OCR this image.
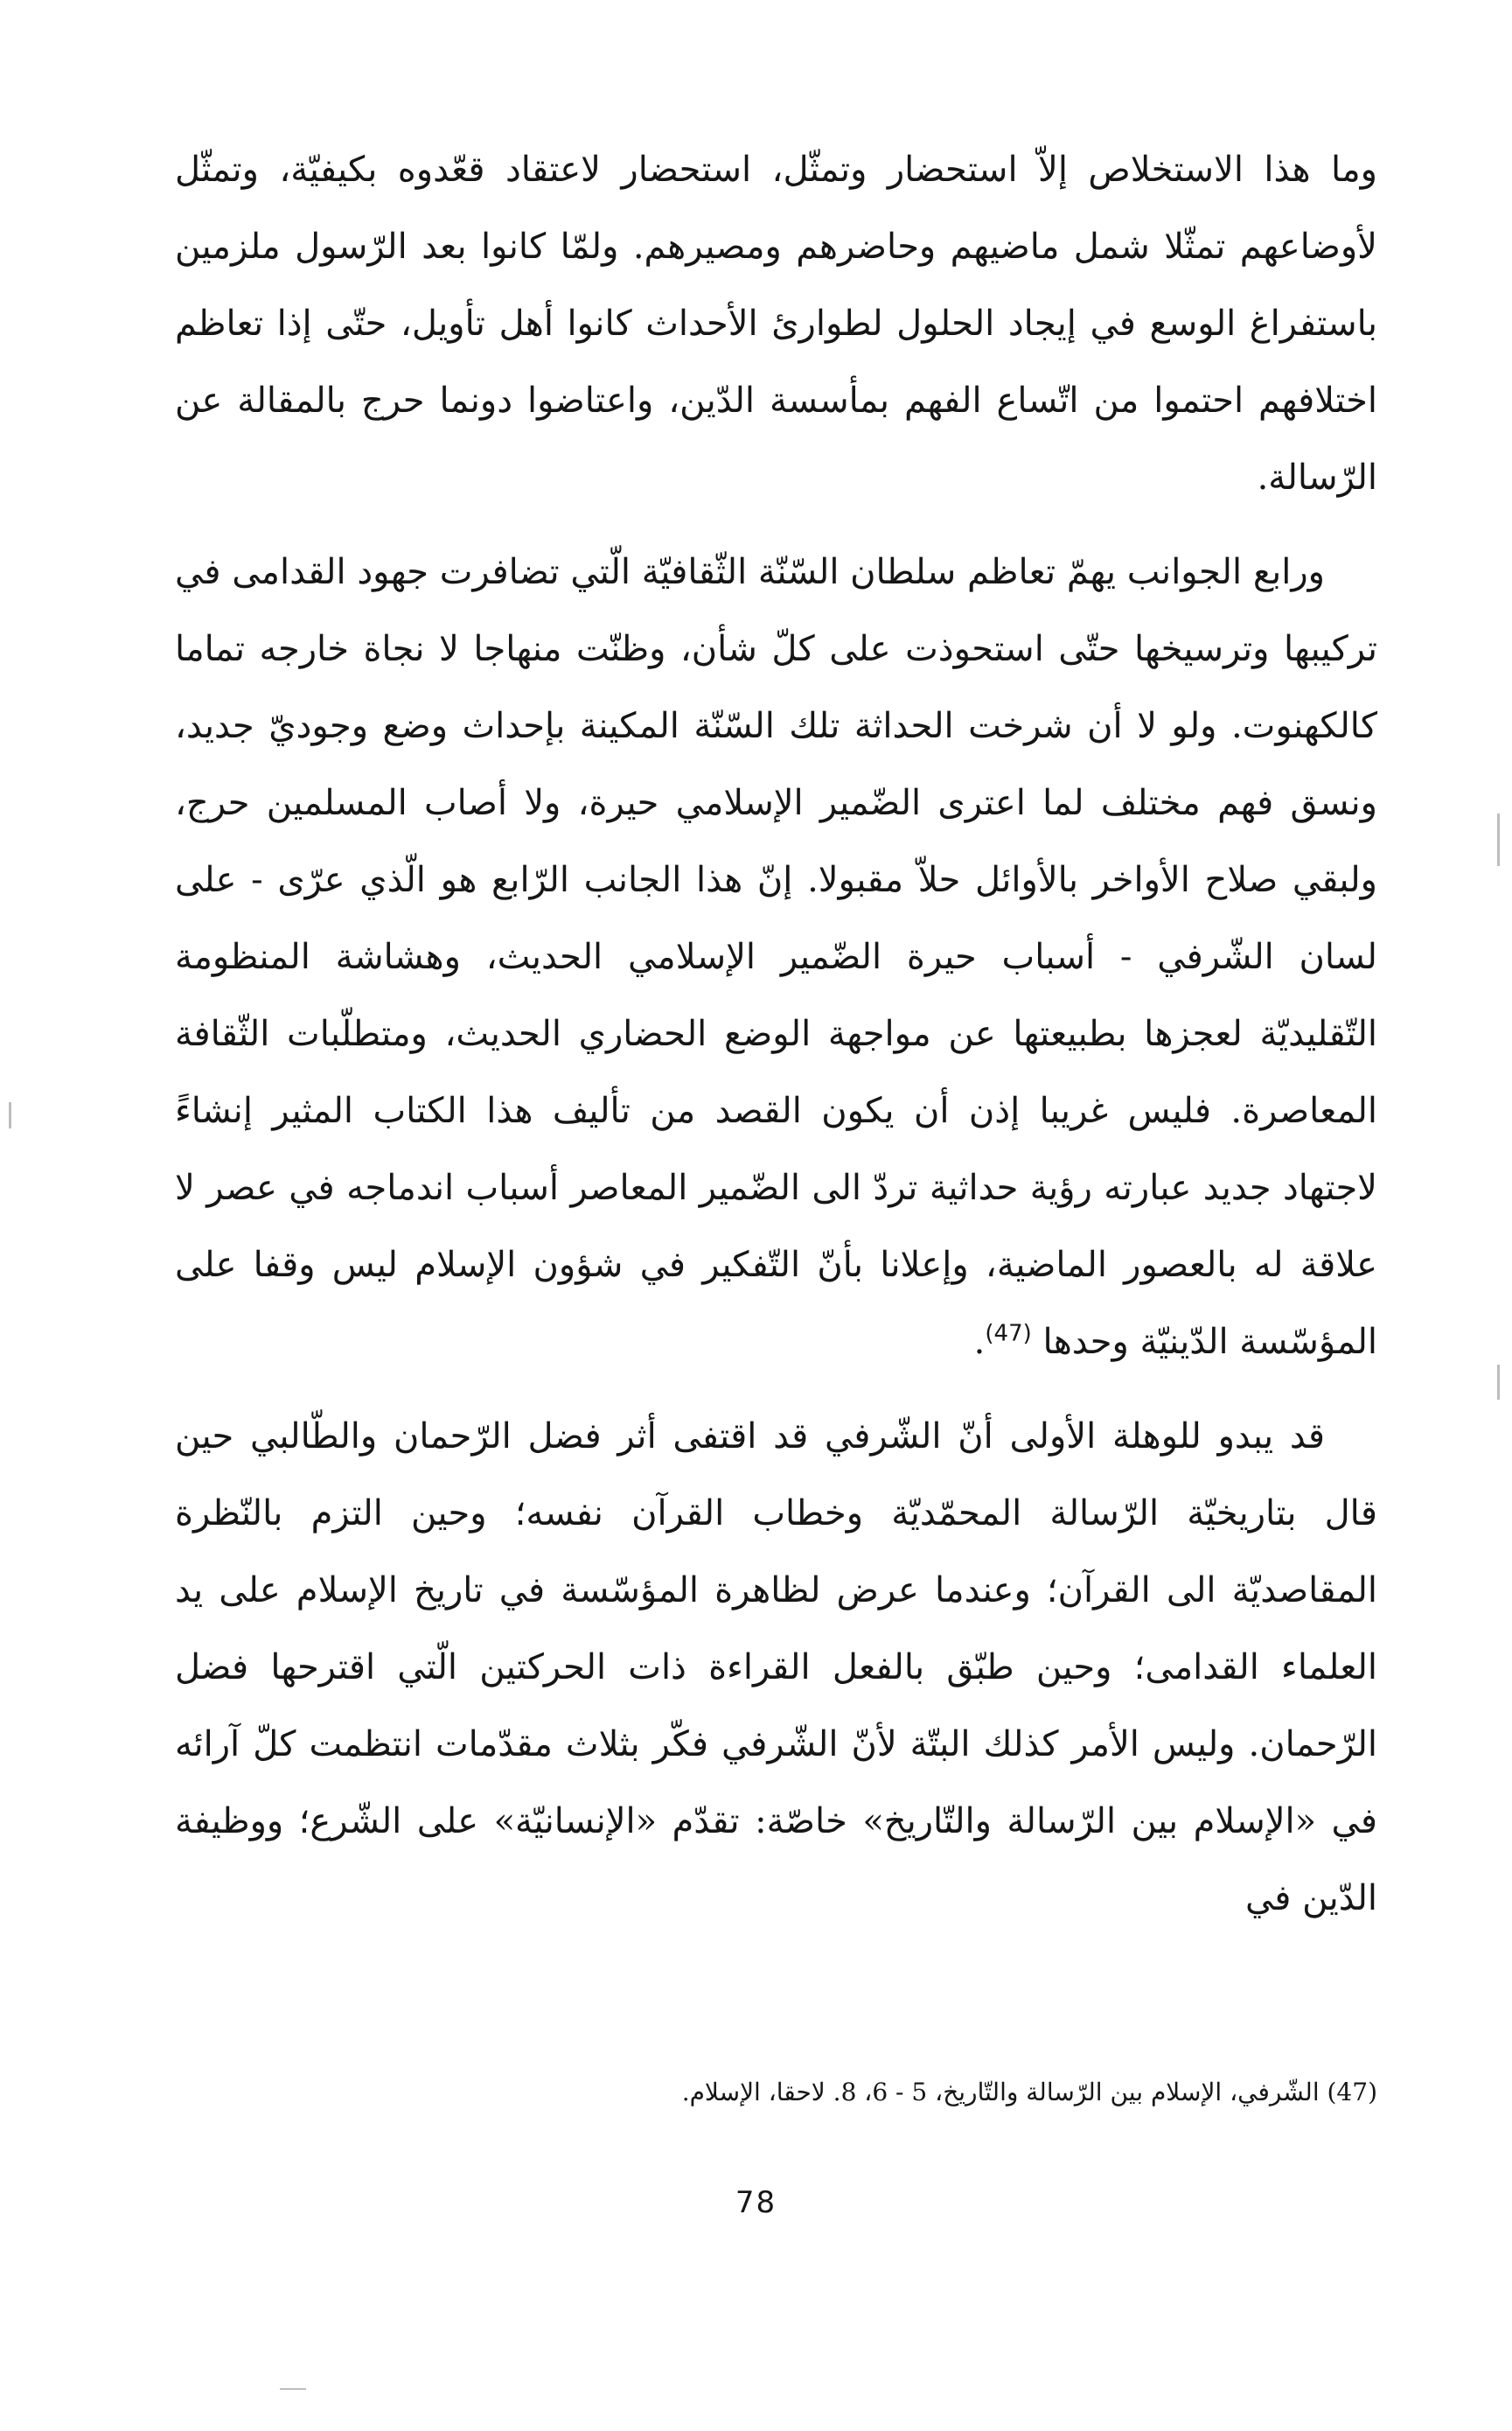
وما هذا الاستخلاص إلاّ استحضار وتمثّل، استحضار لاعتقاد قعّدوه بكيفيّة، وتمثّل لأوضاعهم تمثّلا شمل ماضيهم وحاضرهم ومصيرهم. ولمّا كانوا بعد الرّسول ملزمين باستفراغ الوسع في إيجاد الحلول لطوارئ الأحداث كانوا أهل تأويل، حتّى إذا تعاظم اختلافهم احتموا من اتّساع الفهم بمأسسة الدّين، واعتاضوا دونما حرج بالمقالة عن الرّسالة.

ورابع الجوانب يهمّ تعاظم سلطان السّنّة الثّقافيّة الّتي تضافرت جهود القدامى في تركيبها وترسيخها حتّى استحوذت على كلّ شأن، وظنّت منهاجا لا نجاة خارجه تماما كالكهنوت. ولو لا أن شرخت الحداثة تلك السّنّة المكينة بإحداث وضع وجوديّ جديد، ونسق فهم مختلف لما اعترى الضّمير الإسلامي حيرة، ولا أصاب المسلمين حرج، ولبقي صلاح الأواخر بالأوائل حلاّ مقبولا. إنّ هذا الجانب الرّابع هو الّذي عرّى - على لسان الشّرفي - أسباب حيرة الضّمير الإسلامي الحديث، وهشاشة المنظومة التّقليديّة لعجزها بطبيعتها عن مواجهة الوضع الحضاري الحديث، ومتطلّبات الثّقافة المعاصرة. فليس غريبا إذن أن يكون القصد من تأليف هذا الكتاب المثير إنشاءً لاجتهاد جديد عبارته رؤية حداثية تردّ الى الضّمير المعاصر أسباب اندماجه في عصر لا علاقة له بالعصور الماضية، وإعلانا بأنّ التّفكير في شؤون الإسلام ليس وقفا على المؤسّسة الدّينيّة وحدها $^{(47)}$.

قد يبدو للوهلة الأولى أنّ الشّرفي قد اقتفى أثر فضل الرّحمان والطّالبي حين قال بتاريخيّة الرّسالة المحمّديّة وخطاب القرآن نفسه؛ وحين التزم بالنّظرة المقاصديّة الى القرآن؛ وعندما عرض لظاهرة المؤسّسة في تاريخ الإسلام على يد العلماء القدامى؛ وحين طبّق بالفعل القراءة ذات الحركتين الّتي اقترحها فضل الرّحمان. وليس الأمر كذلك البتّة لأنّ الشّرفي فكّر بثلاث مقدّمات انتظمت كلّ آرائه في «الإسلام بين الرّسالة والتّاريخ» خاصّة: تقدّم «الإنسانيّة» على الشّرع؛ ووظيفة الدّين في

(47) الشّرفي، الإسلام بين الرّسالة والتّاريخ، 5 - 6، 8. لاحقا، الإسلام.

78
